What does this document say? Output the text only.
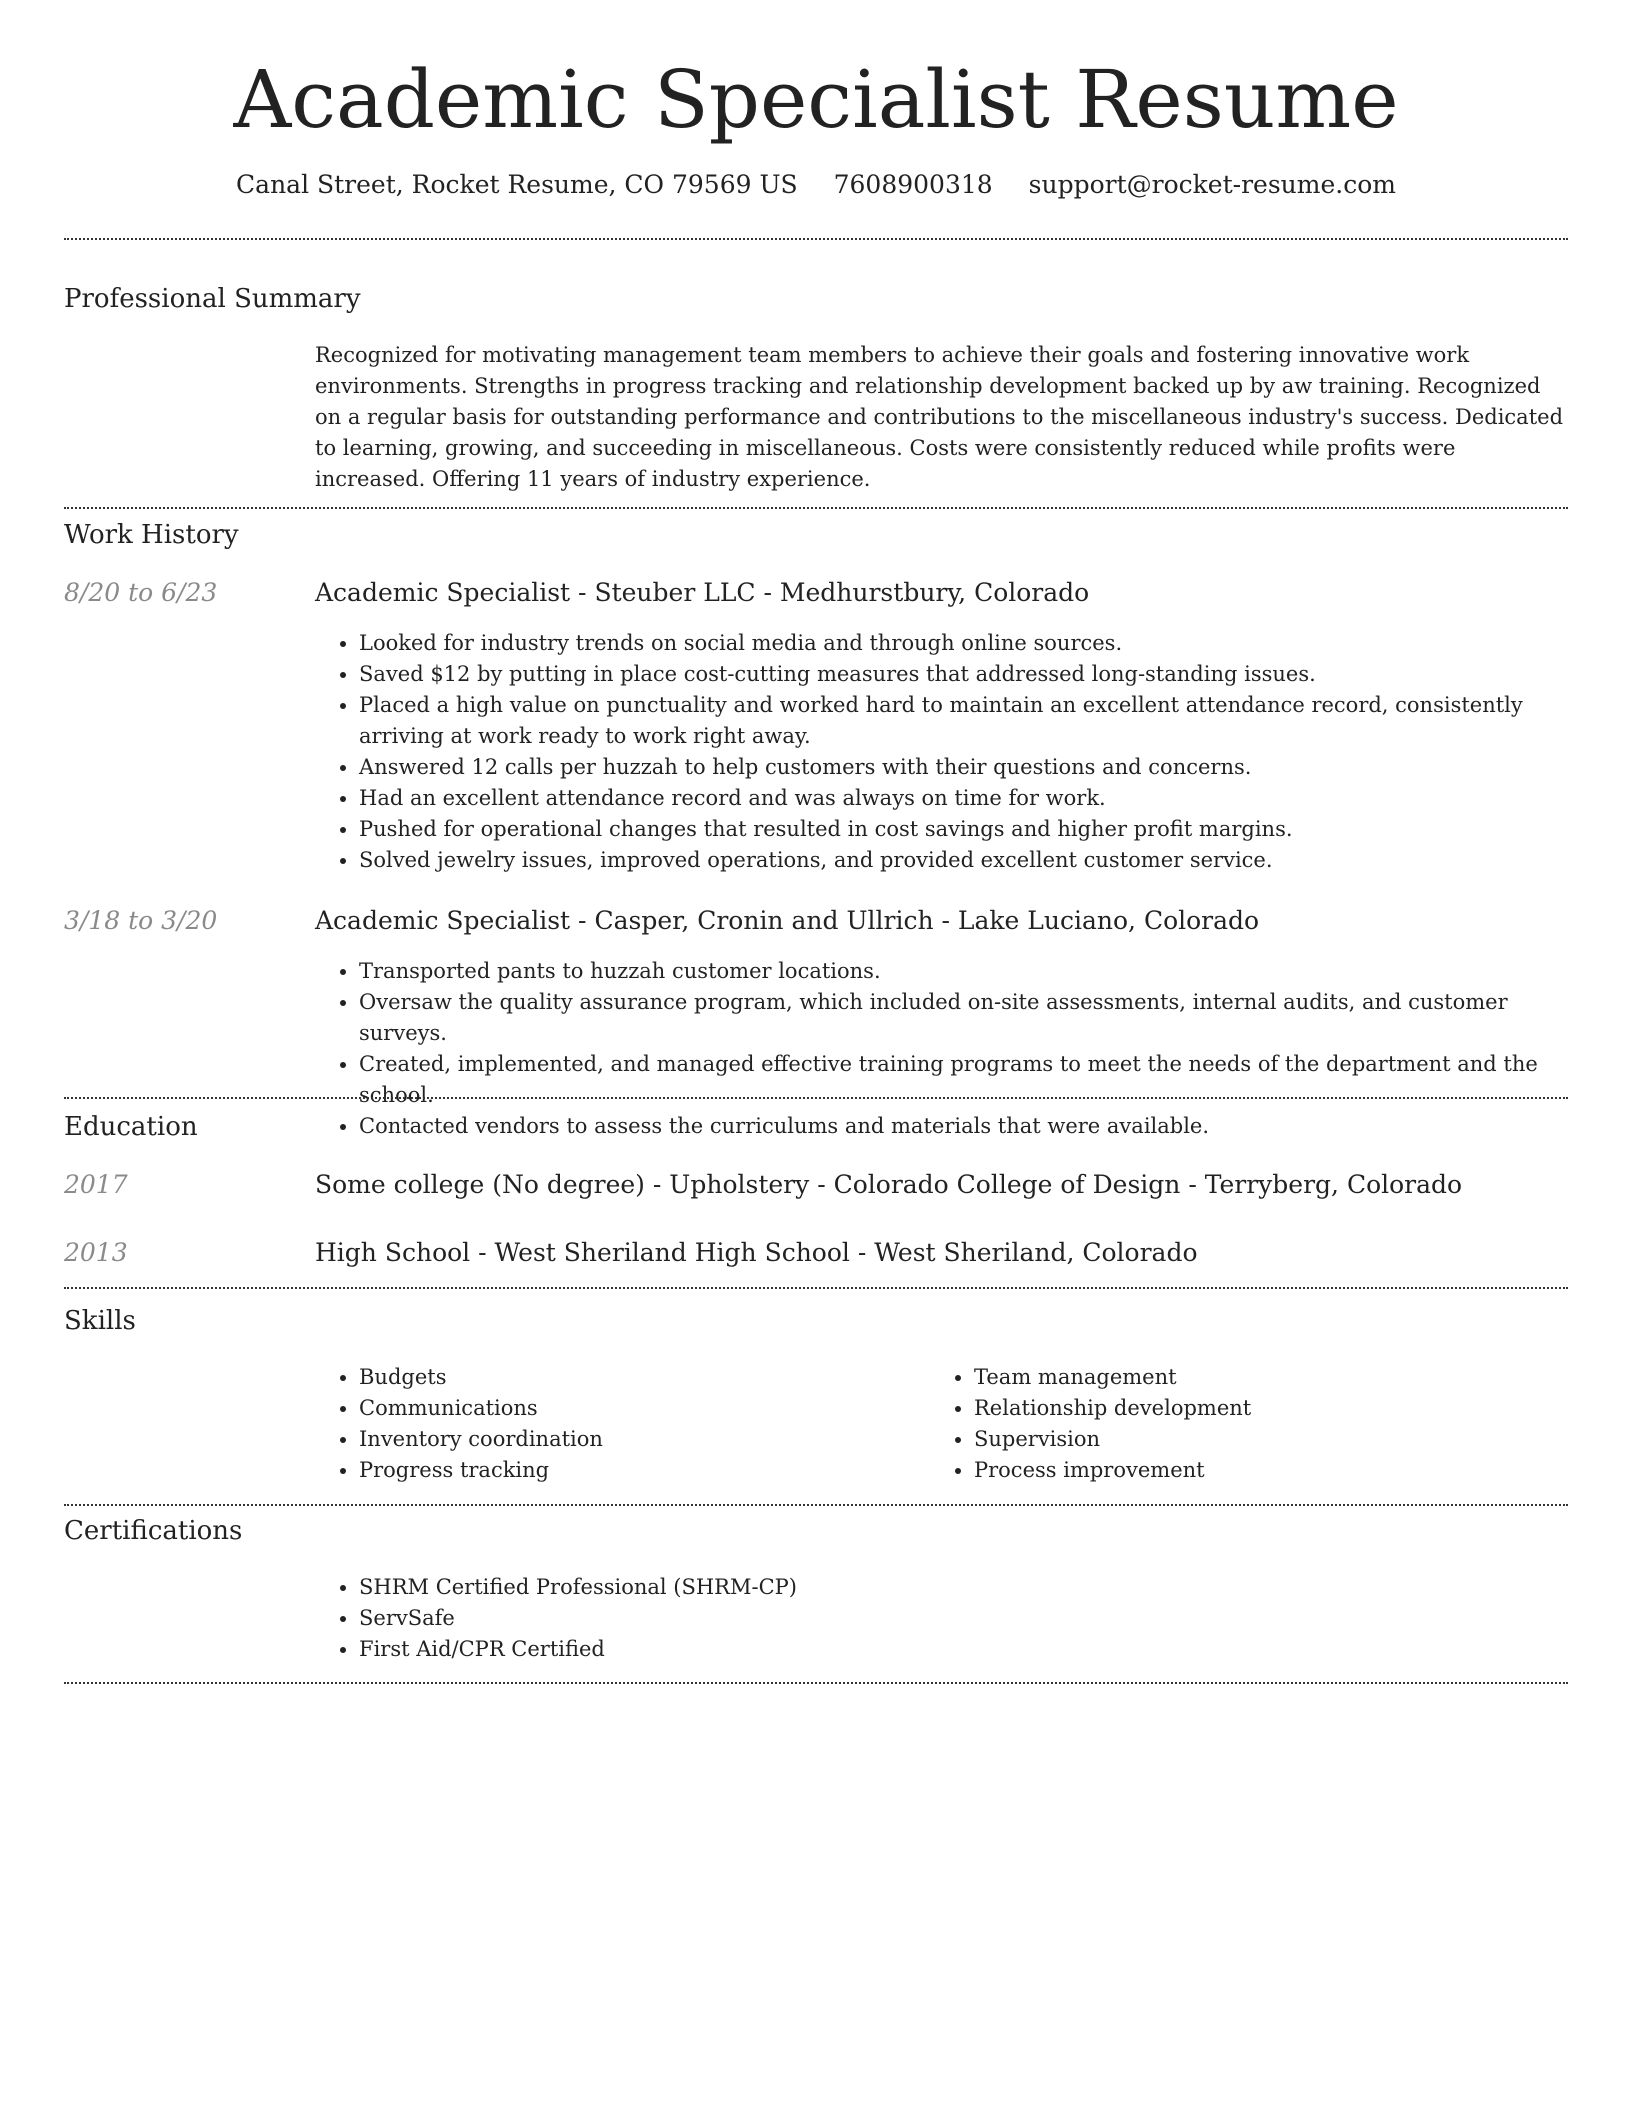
Academic Specialist Resume
Canal Street, Rocket Resume, CO 79569 US 7608900318 support@rocket-resume.com
Professional Summary
Recognized for motivating management team members to achieve their goals and fostering innovative work environments. Strengths in progress tracking and relationship development backed up by aw training. Recognized on a regular basis for outstanding performance and contributions to the miscellaneous industry's success. Dedicated to learning, growing, and succeeding in miscellaneous. Costs were consistently reduced while profits were increased. Offering 11 years of industry experience.
Work History
8/20 to 6/23	Academic Specialist - Steuber LLC - Medhurstbury, Colorado
• Looked for industry trends on social media and through online sources.
• Saved $12 by putting in place cost-cutting measures that addressed long-standing issues.
• Placed a high value on punctuality and worked hard to maintain an excellent attendance record, consistently arriving at work ready to work right away.
• Answered 12 calls per huzzah to help customers with their questions and concerns.
• Had an excellent attendance record and was always on time for work.
• Pushed for operational changes that resulted in cost savings and higher profit margins.
• Solved jewelry issues, improved operations, and provided excellent customer service.
3/18 to 3/20	Academic Specialist - Casper, Cronin and Ullrich - Lake Luciano, Colorado
• Transported pants to huzzah customer locations.
• Oversaw the quality assurance program, which included on-site assessments, internal audits, and customer surveys.
• Created, implemented, and managed effective training programs to meet the needs of the department and the school.
• Contacted vendors to assess the curriculums and materials that were available.
Education
2017	Some college (No degree) - Upholstery - Colorado College of Design - Terryberg, Colorado
2013	High School - West Sheriland High School - West Sheriland, Colorado
Skills
• Budgets
• Communications
• Inventory coordination
• Progress tracking
• Team management
• Relationship development
• Supervision
• Process improvement
Certifications
• SHRM Certified Professional (SHRM-CP)
• ServSafe
• First Aid/CPR Certified
